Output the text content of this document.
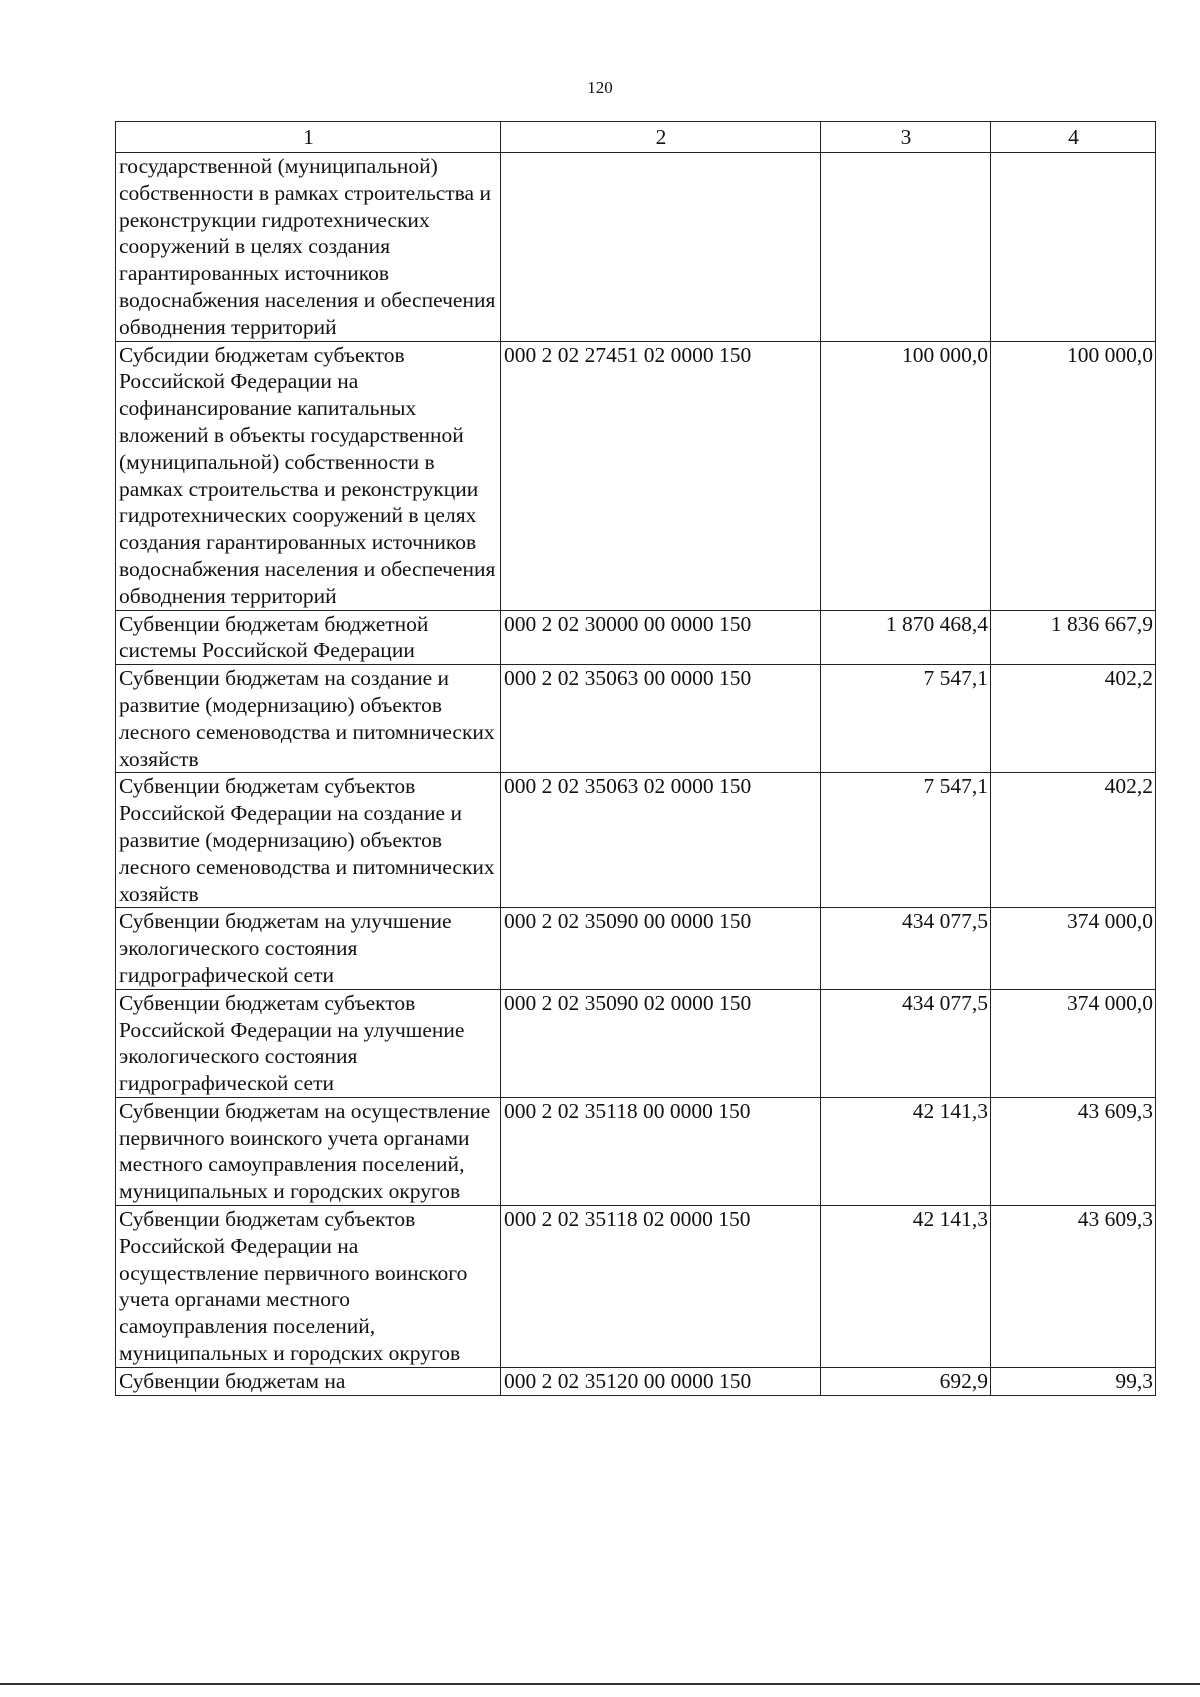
120
1	2	3	4
государственной (муниципальной) собственности в рамках строительства и реконструкции гидротехнических сооружений в целях создания гарантированных источников водоснабжения населения и обеспечения обводнения территорий			
Субсидии бюджетам субъектов Российской Федерации на софинансирование капитальных вложений в объекты государственной (муниципальной) собственности в рамках строительства и реконструкции гидротехнических сооружений в целях создания гарантированных источников водоснабжения населения и обеспечения обводнения территорий	000 2 02 27451 02 0000 150	100 000,0	100 000,0
Субвенции бюджетам бюджетной системы Российской Федерации	000 2 02 30000 00 0000 150	1 870 468,4	1 836 667,9
Субвенции бюджетам на создание и развитие (модернизацию) объектов лесного семеноводства и питомнических хозяйств	000 2 02 35063 00 0000 150	7 547,1	402,2
Субвенции бюджетам субъектов Российской Федерации на создание и развитие (модернизацию) объектов лесного семеноводства и питомнических хозяйств	000 2 02 35063 02 0000 150	7 547,1	402,2
Субвенции бюджетам на улучшение экологического состояния гидрографической сети	000 2 02 35090 00 0000 150	434 077,5	374 000,0
Субвенции бюджетам субъектов Российской Федерации на улучшение экологического состояния гидрографической сети	000 2 02 35090 02 0000 150	434 077,5	374 000,0
Субвенции бюджетам на осуществление первичного воинского учета органами местного самоуправления поселений, муниципальных и городских округов	000 2 02 35118 00 0000 150	42 141,3	43 609,3
Субвенции бюджетам субъектов Российской Федерации на осуществление первичного воинского учета органами местного самоуправления поселений, муниципальных и городских округов	000 2 02 35118 02 0000 150	42 141,3	43 609,3
Субвенции бюджетам на	000 2 02 35120 00 0000 150	692,9	99,3
